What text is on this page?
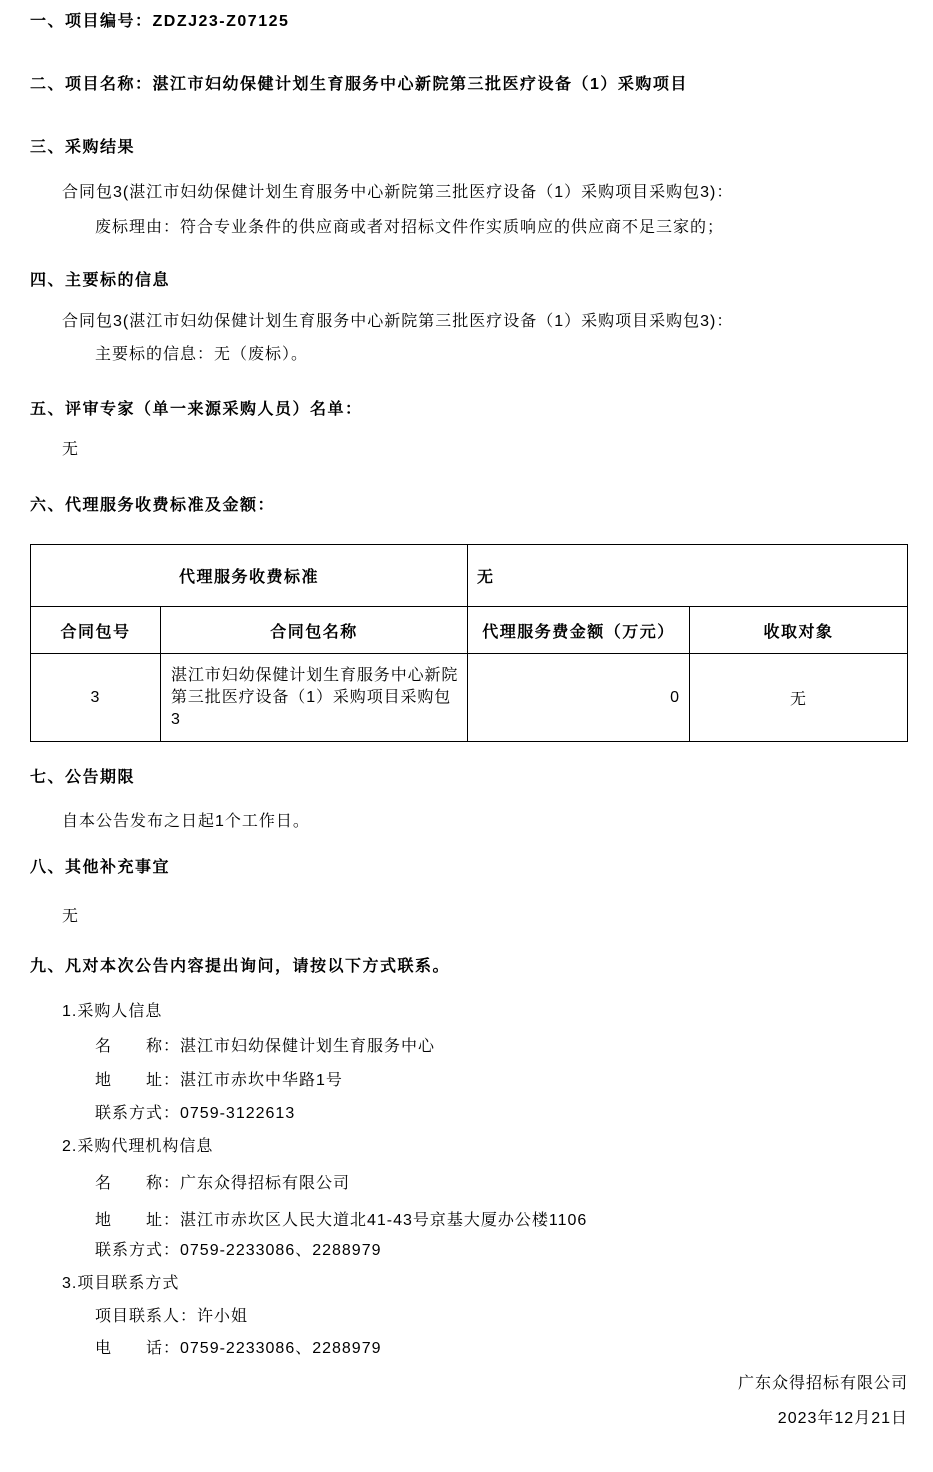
一、项目编号：ZDZJ23-Z07125
二、项目名称：湛江市妇幼保健计划生育服务中心新院第三批医疗设备（1）采购项目
三、采购结果
合同包3(湛江市妇幼保健计划生育服务中心新院第三批医疗设备（1）采购项目采购包3)：
废标理由：符合专业条件的供应商或者对招标文件作实质响应的供应商不足三家的；
四、主要标的信息
合同包3(湛江市妇幼保健计划生育服务中心新院第三批医疗设备（1）采购项目采购包3)：
主要标的信息：无（废标）。
五、评审专家（单一来源采购人员）名单：
无
六、代理服务收费标准及金额：
代理服务收费标准		无	
合同包号	合同包名称	代理服务费金额（万元）	收取对象
3	湛江市妇幼保健计划生育服务中心新院第三批医疗设备（1）采购项目采购包3	0	无
七、公告期限
自本公告发布之日起1个工作日。
八、其他补充事宜
无
九、凡对本次公告内容提出询问，请按以下方式联系。
1.采购人信息
名　　称：湛江市妇幼保健计划生育服务中心
地　　址：湛江市赤坎中华路1号
联系方式：0759-3122613
2.采购代理机构信息
名　　称：广东众得招标有限公司
地　　址：湛江市赤坎区人民大道北41-43号京基大厦办公楼1106
联系方式：0759-2233086、2288979
3.项目联系方式
项目联系人：许小姐
电　　话：0759-2233086、2288979
广东众得招标有限公司
2023年12月21日
